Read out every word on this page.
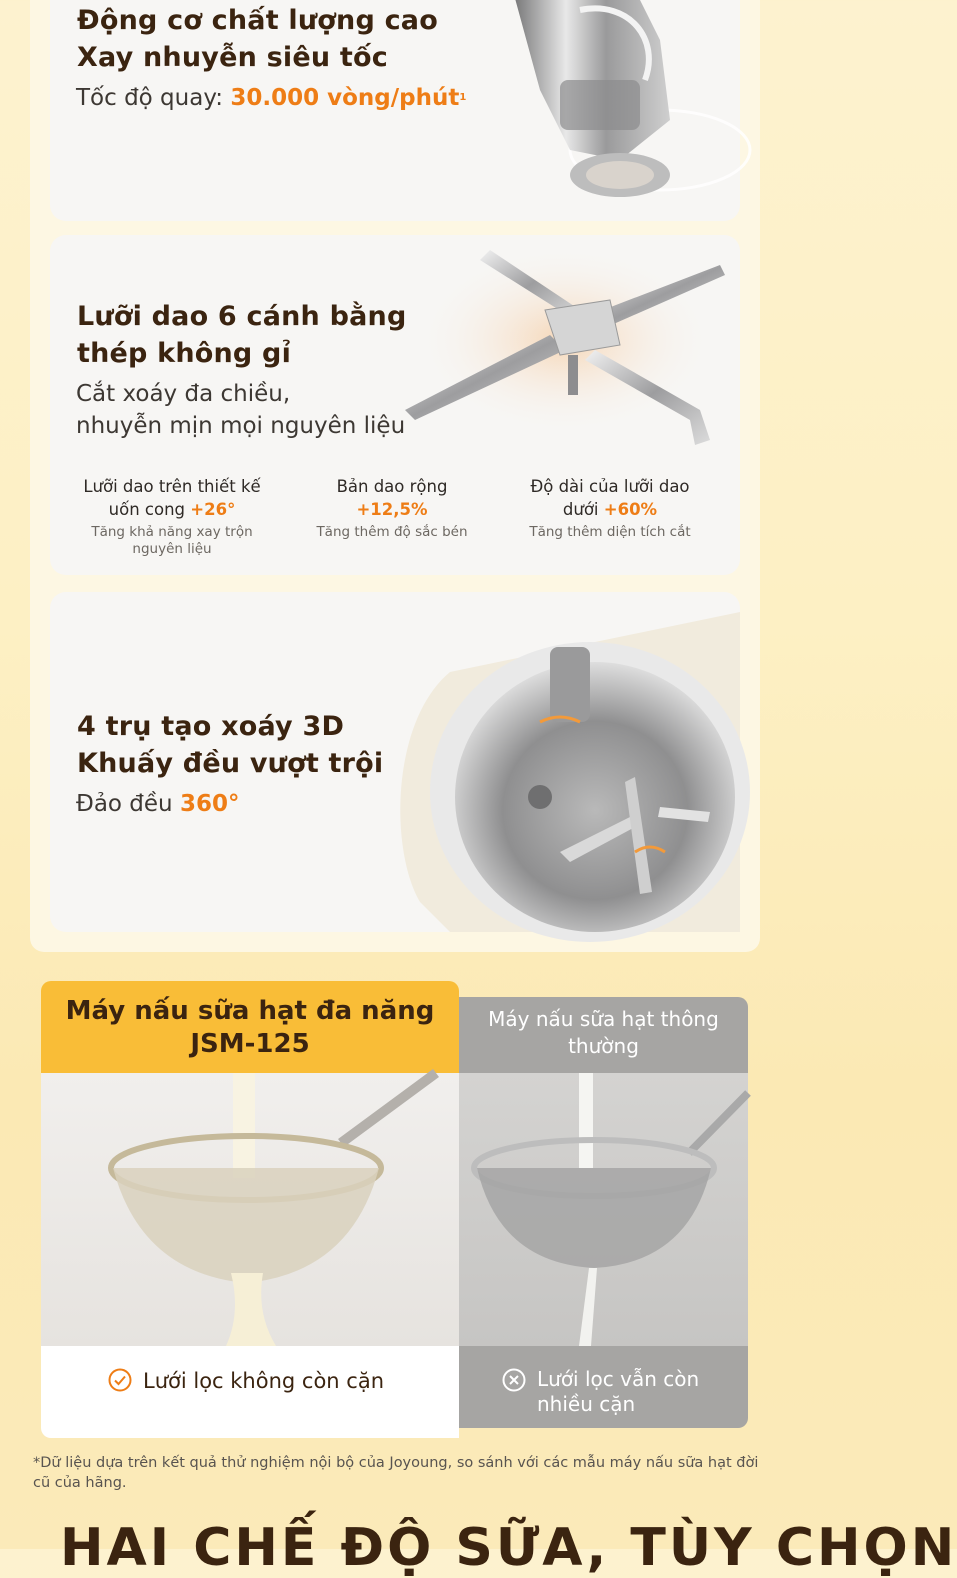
Động cơ chất lượng cao
Xay nhuyễn siêu tốc
Tốc độ quay: 30.000 vòng/phút$^1$
Lưỡi dao 6 cánh bằng
thép không gỉ
Cắt xoáy đa chiều,
nhuyễn mịn mọi nguyên liệu
Lưỡi dao trên thiết kế
uốn cong +26°
Tăng khả năng xay trộn nguyên liệu
Bản dao rộng
+12,5%
Tăng thêm độ sắc bén
Độ dài của lưỡi dao
dưới +60%
Tăng thêm diện tích cắt
4 trụ tạo xoáy 3D
Khuấy đều vượt trội
Đảo đều 360°
Máy nấu sữa hạt đa năng JSM-125
Máy nấu sữa hạt thông thường
Lưới lọc không còn cặn	Lưới lọc vẫn còn nhiều cặn
*Dữ liệu dựa trên kết quả thử nghiệm nội bộ của Joyoung, so sánh với các mẫu máy nấu sữa hạt đời cũ của hãng.
HAI CHẾ ĐỘ SỮA, TÙY CHỌN
